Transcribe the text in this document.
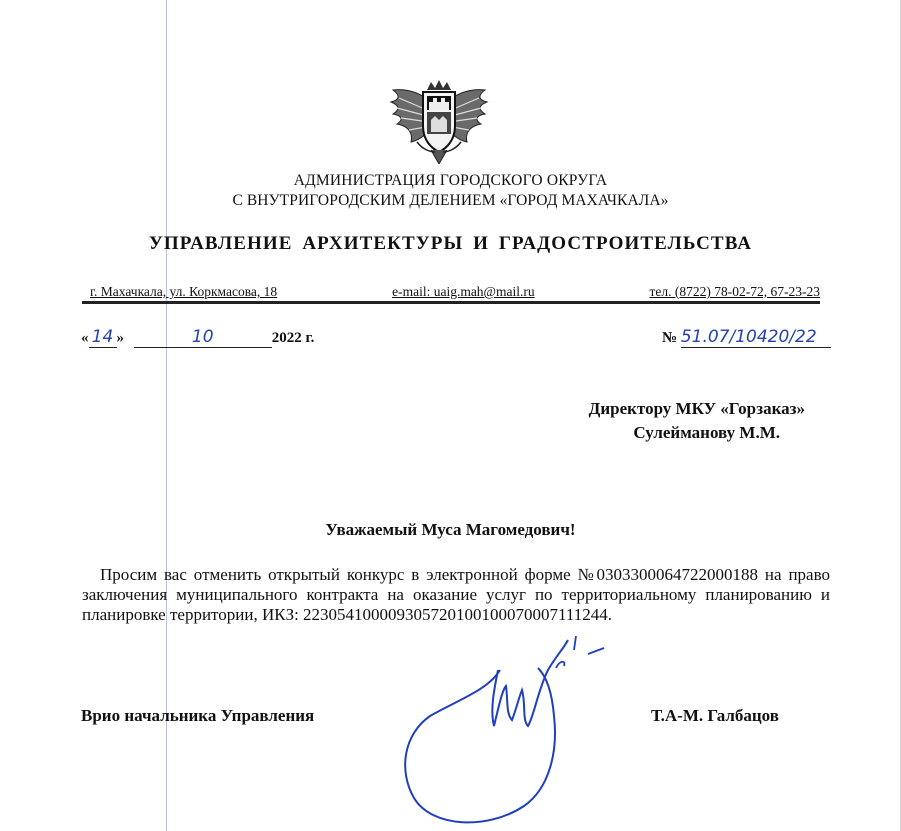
АДМИНИСТРАЦИЯ ГОРОДСКОГО ОКРУГА
С ВНУТРИГОРОДСКИМ ДЕЛЕНИЕМ «ГОРОД МАХАЧКАЛА»
УПРАВЛЕНИЕ АРХИТЕКТУРЫ И ГРАДОСТРОИТЕЛЬСТВА
г. Махачкала, ул. Коркмасова, 18	e-mail: uaig.mah@mail.ru	тел. (8722) 78-02-72, 67-23-23
« 14 »	10	2022 г.	№ 51.07/10420/22
Директору МКУ «Горзаказ»
Сулейманову М.М.
Уважаемый Муса Магомедович!

Просим вас отменить открытый конкурс в электронной форме №0303300064722000188 на право заключения муниципального контракта на оказание услуг по территориальному планированию и планировке территории, ИКЗ: 223054100009305720100100070007111244.

Врио начальника Управления	Т.А-М. Галбацов
